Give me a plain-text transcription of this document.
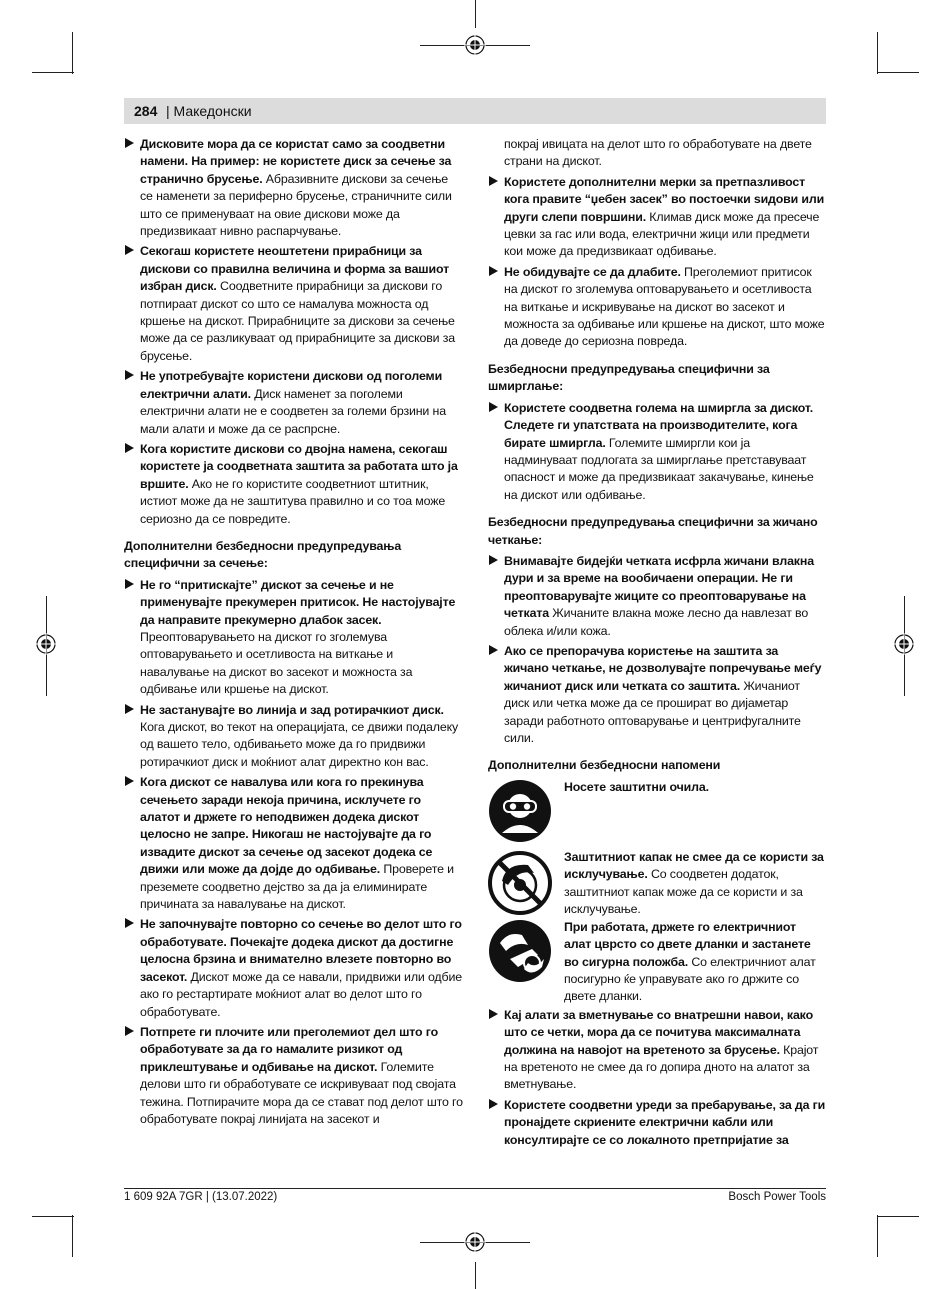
284 | Македонски

Дисковите мора да се користат само за соодветни намени. На пример: не користете диск за сечење за странично брусење. Абразивните дискови за сечење се наменети за периферно брусење, страничните сили што се применуваат на овие дискови може да предизвикаат нивно распарчување.

Секогаш користете неоштетени прирабници за дискови со правилна величина и форма за вашиот избран диск. Соодветните прирабници за дискови го потпираат дискот со што се намалува можноста од кршење на дискот. Прирабниците за дискови за сечење може да се разликуваат од прирабниците за дискови за брусење.

Не употребувајте користени дискови од поголеми електрични алати. Диск наменет за поголеми електрични алати не е соодветен за големи брзини на мали алати и може да се распрсне.

Кога користите дискови со двојна намена, секогаш користете ја соодветната заштита за работата што ја вршите. Ако не го користите соодветниот штитник, истиот може да не заштитува правилно и со тоа може сериозно да се повредите.

Дополнителни безбедносни предупредувања специфични за сечење:

Не го “притискајте” дискот за сечење и не применувајте прекумерен притисок. Не настојувајте да направите прекумерно длабок засек. Преоптоварувањето на дискот го зголемува оптоварувањето и осетливоста на виткање и навалување на дискот во засекот и можноста за одбивање или кршење на дискот.

Не застанувајте во линија и зад ротирачкиот диск. Кога дискот, во текот на операцијата, се движи подалеку од вашето тело, одбивањето може да го придвижи ротирачкиот диск и моќниот алат директно кон вас.

Кога дискот се навалува или кога го прекинува сечењето заради некоја причина, исклучете го алатот и држете го неподвижен додека дискот целосно не запре. Никогаш не настојувајте да го извадите дискот за сечење од засекот додека се движи или може да дојде до одбивање. Проверете и преземете соодветно дејство за да ја елиминирате причината за навалување на дискот.

Не започнувајте повторно со сечење во делот што го обработувате. Почекајте додека дискот да достигне целосна брзина и внимателно влезете повторно во засекот. Дискот може да се навали, придвижи или одбие ако го рестартирате моќниот алат во делот што го обработувате.

Потпрете ги плочите или преголемиот дел што го обработувате за да го намалите ризикот од приклештување и одбивање на дискот. Големите делови што ги обработувате се искривуваат под својата тежина. Потпирачите мора да се стават под делот што го обработувате покрај линијата на засекот и

покрај ивицата на делот што го обработувате на двете страни на дискот.

Користете дополнителни мерки за претпазливост кога правите “џебен засек” во постоечки ѕидови или други слепи површини. Климав диск може да пресече цевки за гас или вода, електрични жици или предмети кои може да предизвикаат одбивање.

Не обидувајте се да длабите. Преголемиот притисок на дискот го зголемува оптоварувањето и осетливоста на виткање и искривување на дискот во засекот и можноста за одбивање или кршење на дискот, што може да доведе до сериозна повреда.

Безбедносни предупредувања специфични за шмирглање:

Користете соодветна голема на шмиргла за дискот. Следете ги упатствата на производителите, кога бирате шмиргла. Големите шмиргли кои ја надминуваат подлогата за шмирглање претставуваат опасност и може да предизвикаат закачување, кинење на дискот или одбивање.

Безбедносни предупредувања специфични за жичано четкање:

Внимавајте бидејќи четката исфрла жичани влакна дури и за време на вообичаени операции. Не ги преоптоварувајте жиците со преоптоварување на четката Жичаните влакна може лесно да навлезат во облека и/или кожа.

Ако се препорачува користење на заштита за жичано четкање, не дозволувајте попречување меѓу жичаниот диск или четката со заштита. Жичаниот диск или четка може да се прошират во дијаметар заради работното оптоварување и центрифугалните сили.

Дополнителни безбедносни напомени

Носете заштитни очила.

Заштитниот капак не смее да се користи за исклучување. Со соодветен додаток, заштитниот капак може да се користи и за исклучување.

При работата, држете го електричниот алат цврсто со двете дланки и застанете во сигурна положба. Со електричниот алат посигурно ќе управувате ако го држите со двете дланки.

Кај алати за вметнување со внатрешни навои, како што се четки, мора да се почитува максималната должина на навојот на вретеното за брусење. Крајот на вретеното не смее да го допира дното на алатот за вметнување.

Користете соодветни уреди за пребарување, за да ги пронајдете скриените електрични кабли или консултирајте се со локалното претпријатие за

1 609 92A 7GR | (13.07.2022)	Bosch Power Tools
